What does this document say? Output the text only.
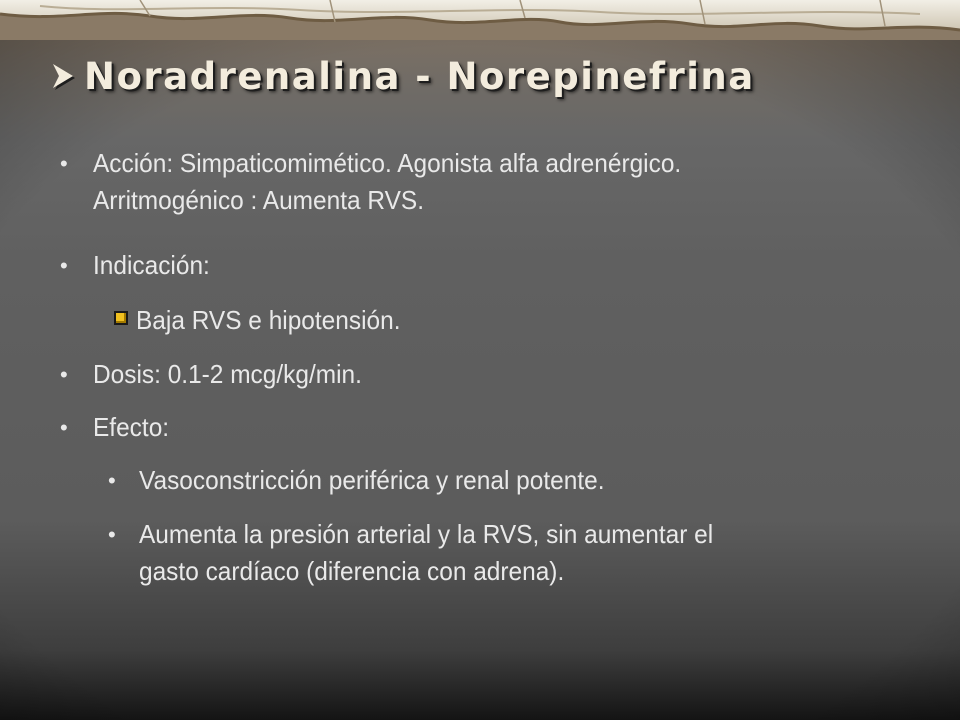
Noradrenalina - Norepinefrina
• Acción: Simpaticomimético. Agonista alfa adrenérgico.
Arritmogénico : Aumenta RVS.
• Indicación:
Baja RVS e hipotensión.
• Dosis: 0.1-2 mcg/kg/min.
• Efecto:
• Vasoconstricción periférica y renal potente.
• Aumenta la presión arterial y la RVS, sin aumentar el
gasto cardíaco (diferencia con adrena).
